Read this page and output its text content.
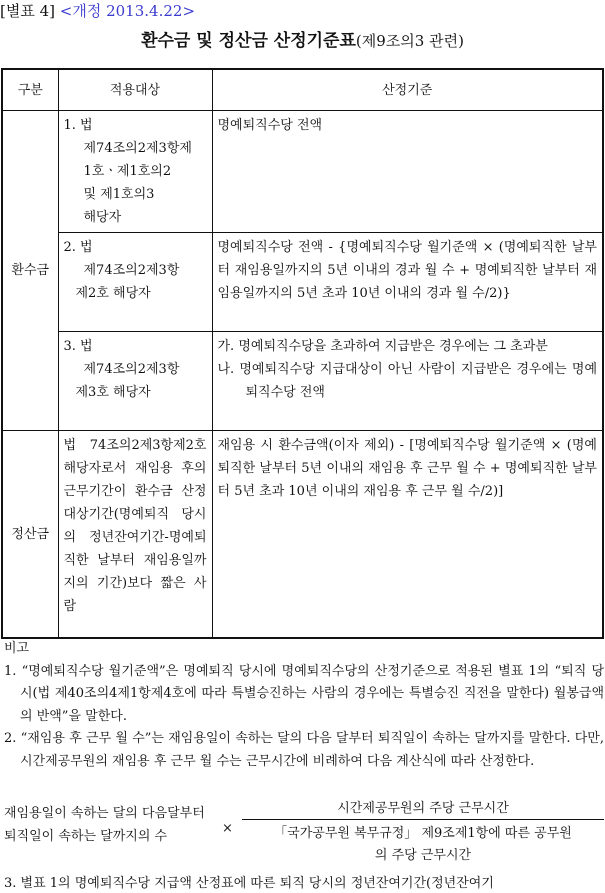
[별표 4] <개정 2013.4.22>
환수금 및 정산금 산정기준표(제9조의3 관련)
구분	적용대상	산정기준
환수금	1. 법
제74조의2제3항제
1호ㆍ제1호의2
및 제1호의3
해당자	명예퇴직수당 전액

	2. 법
제74조의2제3항
제2호 해당자	명예퇴직수당 전액 - {명예퇴직수당 월기준액 × (명예퇴직한 날부터 재임용일까지의 5년 이내의 경과 월 수 + 명예퇴직한 날부터 재임용일까지의 5년 초과 10년 이내의 경과 월 수/2)}

	3. 법
제74조의2제3항
제3호 해당자	가. 명예퇴직수당을 초과하여 지급받은 경우에는 그 초과분
나. 명예퇴직수당 지급대상이 아닌 사람이 지급받은 경우에는 명예퇴직수당 전액

정산금	법 74조의2제3항제2호 해당자로서 재임용 후의 근무기간이 환수금 산정 대상기간(명예퇴직 당시의 정년잔여기간-명예퇴직한 날부터 재임용일까지의 기간)보다 짧은 사람	재임용 시 환수금액(이자 제외) - [명예퇴직수당 월기준액 × (명예퇴직한 날부터 5년 이내의 재임용 후 근무 월 수 + 명예퇴직한 날부터 5년 초과 10년 이내의 재임용 후 근무 월 수/2)]
비고
1. “명예퇴직수당 월기준액”은 명예퇴직 당시에 명예퇴직수당의 산정기준으로 적용된 별표 1의 “퇴직 당시(법 제40조의4제1항제4호에 따라 특별승진하는 사람의 경우에는 특별승진 직전을 말한다) 월봉급액의 반액”을 말한다.
2. “재임용 후 근무 월 수”는 재임용일이 속하는 달의 다음 달부터 퇴직일이 속하는 달까지를 말한다. 다만, 시간제공무원의 재임용 후 근무 월 수는 근무시간에 비례하여 다음 계산식에 따라 산정한다.
재임용일이 속하는 달의 다음달부터 퇴직일이 속하는 달까지의 수	×
시간제공무원의 주당 근무시간
「국가공무원 복무규정」 제9조제1항에 따른 공무원
의 주당 근무시간
3. 별표 1의 명예퇴직수당 지급액 산정표에 따른 퇴직 당시의 정년잔여기간(정년잔여기
